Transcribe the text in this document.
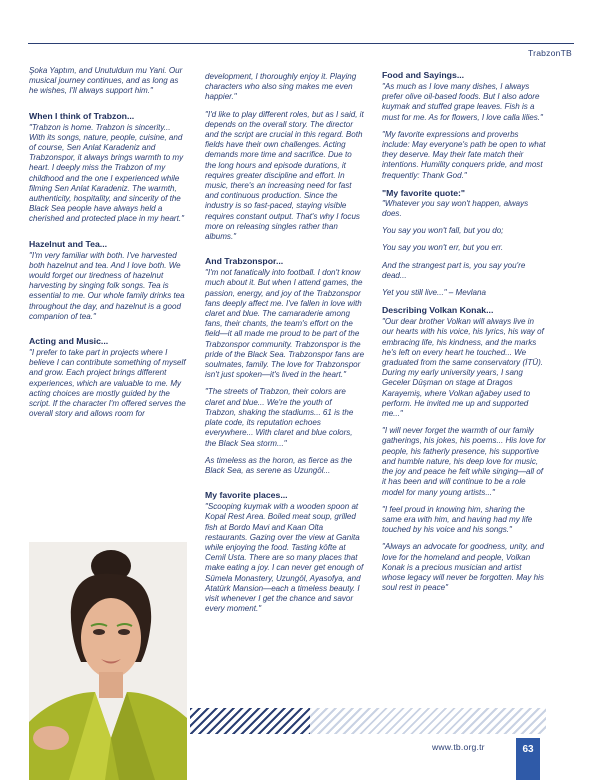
TrabzonTB

Şoka Yaptım, and Unutulduın mu Yani. Our musical journey continues, and as long as he wishes, I'll always support him."

When I think of Trabzon...

"Trabzon is home. Trabzon is sincerity... With its songs, nature, people, cuisine, and of course, Sen Anlat Karadeniz and Trabzonspor, it always brings warmth to my heart. I deeply miss the Trabzon of my childhood and the one I experienced while filming Sen Anlat Karadeniz. The warmth, authenticity, hospitality, and sincerity of the Black Sea people have always held a cherished and protected place in my heart."

Hazelnut and Tea...

"I'm very familiar with both. I've harvested both hazelnut and tea. And I love both. We would forget our tiredness of hazelnut harvesting by singing folk songs. Tea is essential to me. Our whole family drinks tea throughout the day, and hazelnut is a good companion of tea."

Acting and Music...

"I prefer to take part in projects where I believe I can contribute something of myself and grow. Each project brings different experiences, which are valuable to me. My acting choices are mostly guided by the script. If the character I'm offered serves the overall story and allows room for

development, I thoroughly enjoy it. Playing characters who also sing makes me even happier."

"I'd like to play different roles, but as I said, it depends on the overall story. The director and the script are crucial in this regard. Both fields have their own challenges. Acting demands more time and sacrifice. Due to the long hours and episode durations, it requires greater discipline and effort. In music, there's an increasing need for fast and continuous production. Since the industry is so fast-paced, staying visible requires constant output. That's why I focus more on releasing singles rather than albums."

And Trabzonspor...

"I'm not fanatically into football. I don't know much about it. But when I attend games, the passion, energy, and joy of the Trabzonspor fans deeply affect me. I've fallen in love with claret and blue. The camaraderie among fans, their chants, the team's effort on the field—it all made me proud to be part of the Trabzonspor community. Trabzonspor is the pride of the Black Sea. Trabzonspor fans are soulmates, family. The love for Trabzonspor isn't just spoken—it's lived in the heart."

"The streets of Trabzon, their colors are claret and blue... We're the youth of Trabzon, shaking the stadiums... 61 is the plate code, its reputation echoes everywhere... With claret and blue colors, the Black Sea storm..."

As timeless as the horon, as fierce as the Black Sea, as serene as Uzungöl...

My favorite places...

"Scooping kuymak with a wooden spoon at Kopal Rest Area. Boiled meat soup, grilled fish at Bordo Mavi and Kaan Olta restaurants. Gazing over the view at Ganita while enjoying the food. Tasting köfte at Cemil Usta. There are so many places that make eating a joy. I can never get enough of Sümela Monastery, Uzungöl, Ayasofya, and Atatürk Mansion—each a timeless beauty. I visit whenever I get the chance and savor every moment."

Food and Sayings...

"As much as I love many dishes, I always prefer olive oil-based foods. But I also adore kuymak and stuffed grape leaves. Fish is a must for me. As for flowers, I love calla lilies."

"My favorite expressions and proverbs include: May everyone's path be open to what they deserve. May their fate match their intentions. Humility conquers pride, and most frequently: Thank God."

"My favorite quote:"

"Whatever you say won't happen, always does.

You say you won't fall, but you do;

You say you won't err, but you err.

And the strangest part is, you say you're dead...

Yet you still live..." – Mevlana

Describing Volkan Konak...

"Our dear brother Volkan will always live in our hearts with his voice, his lyrics, his way of embracing life, his kindness, and the marks he's left on every heart he touched... We graduated from the same conservatory (İTÜ). During my early university years, I sang Geceler Düşman on stage at Dragos Karayemiş, where Volkan ağabey used to perform. He invited me up and supported me..."

"I will never forget the warmth of our family gatherings, his jokes, his poems... His love for people, his fatherly presence, his supportive and humble nature, his deep love for music, the joy and peace he felt while singing—all of it has been and will continue to be a role model for many young artists..."

"I feel proud in knowing him, sharing the same era with him, and having had my life touched by his voice and his songs."

"Always an advocate for goodness, unity, and love for the homeland and people, Volkan Konak is a precious musician and artist whose legacy will never be forgotten. May his soul rest in peace"

www.tb.org.tr	63
